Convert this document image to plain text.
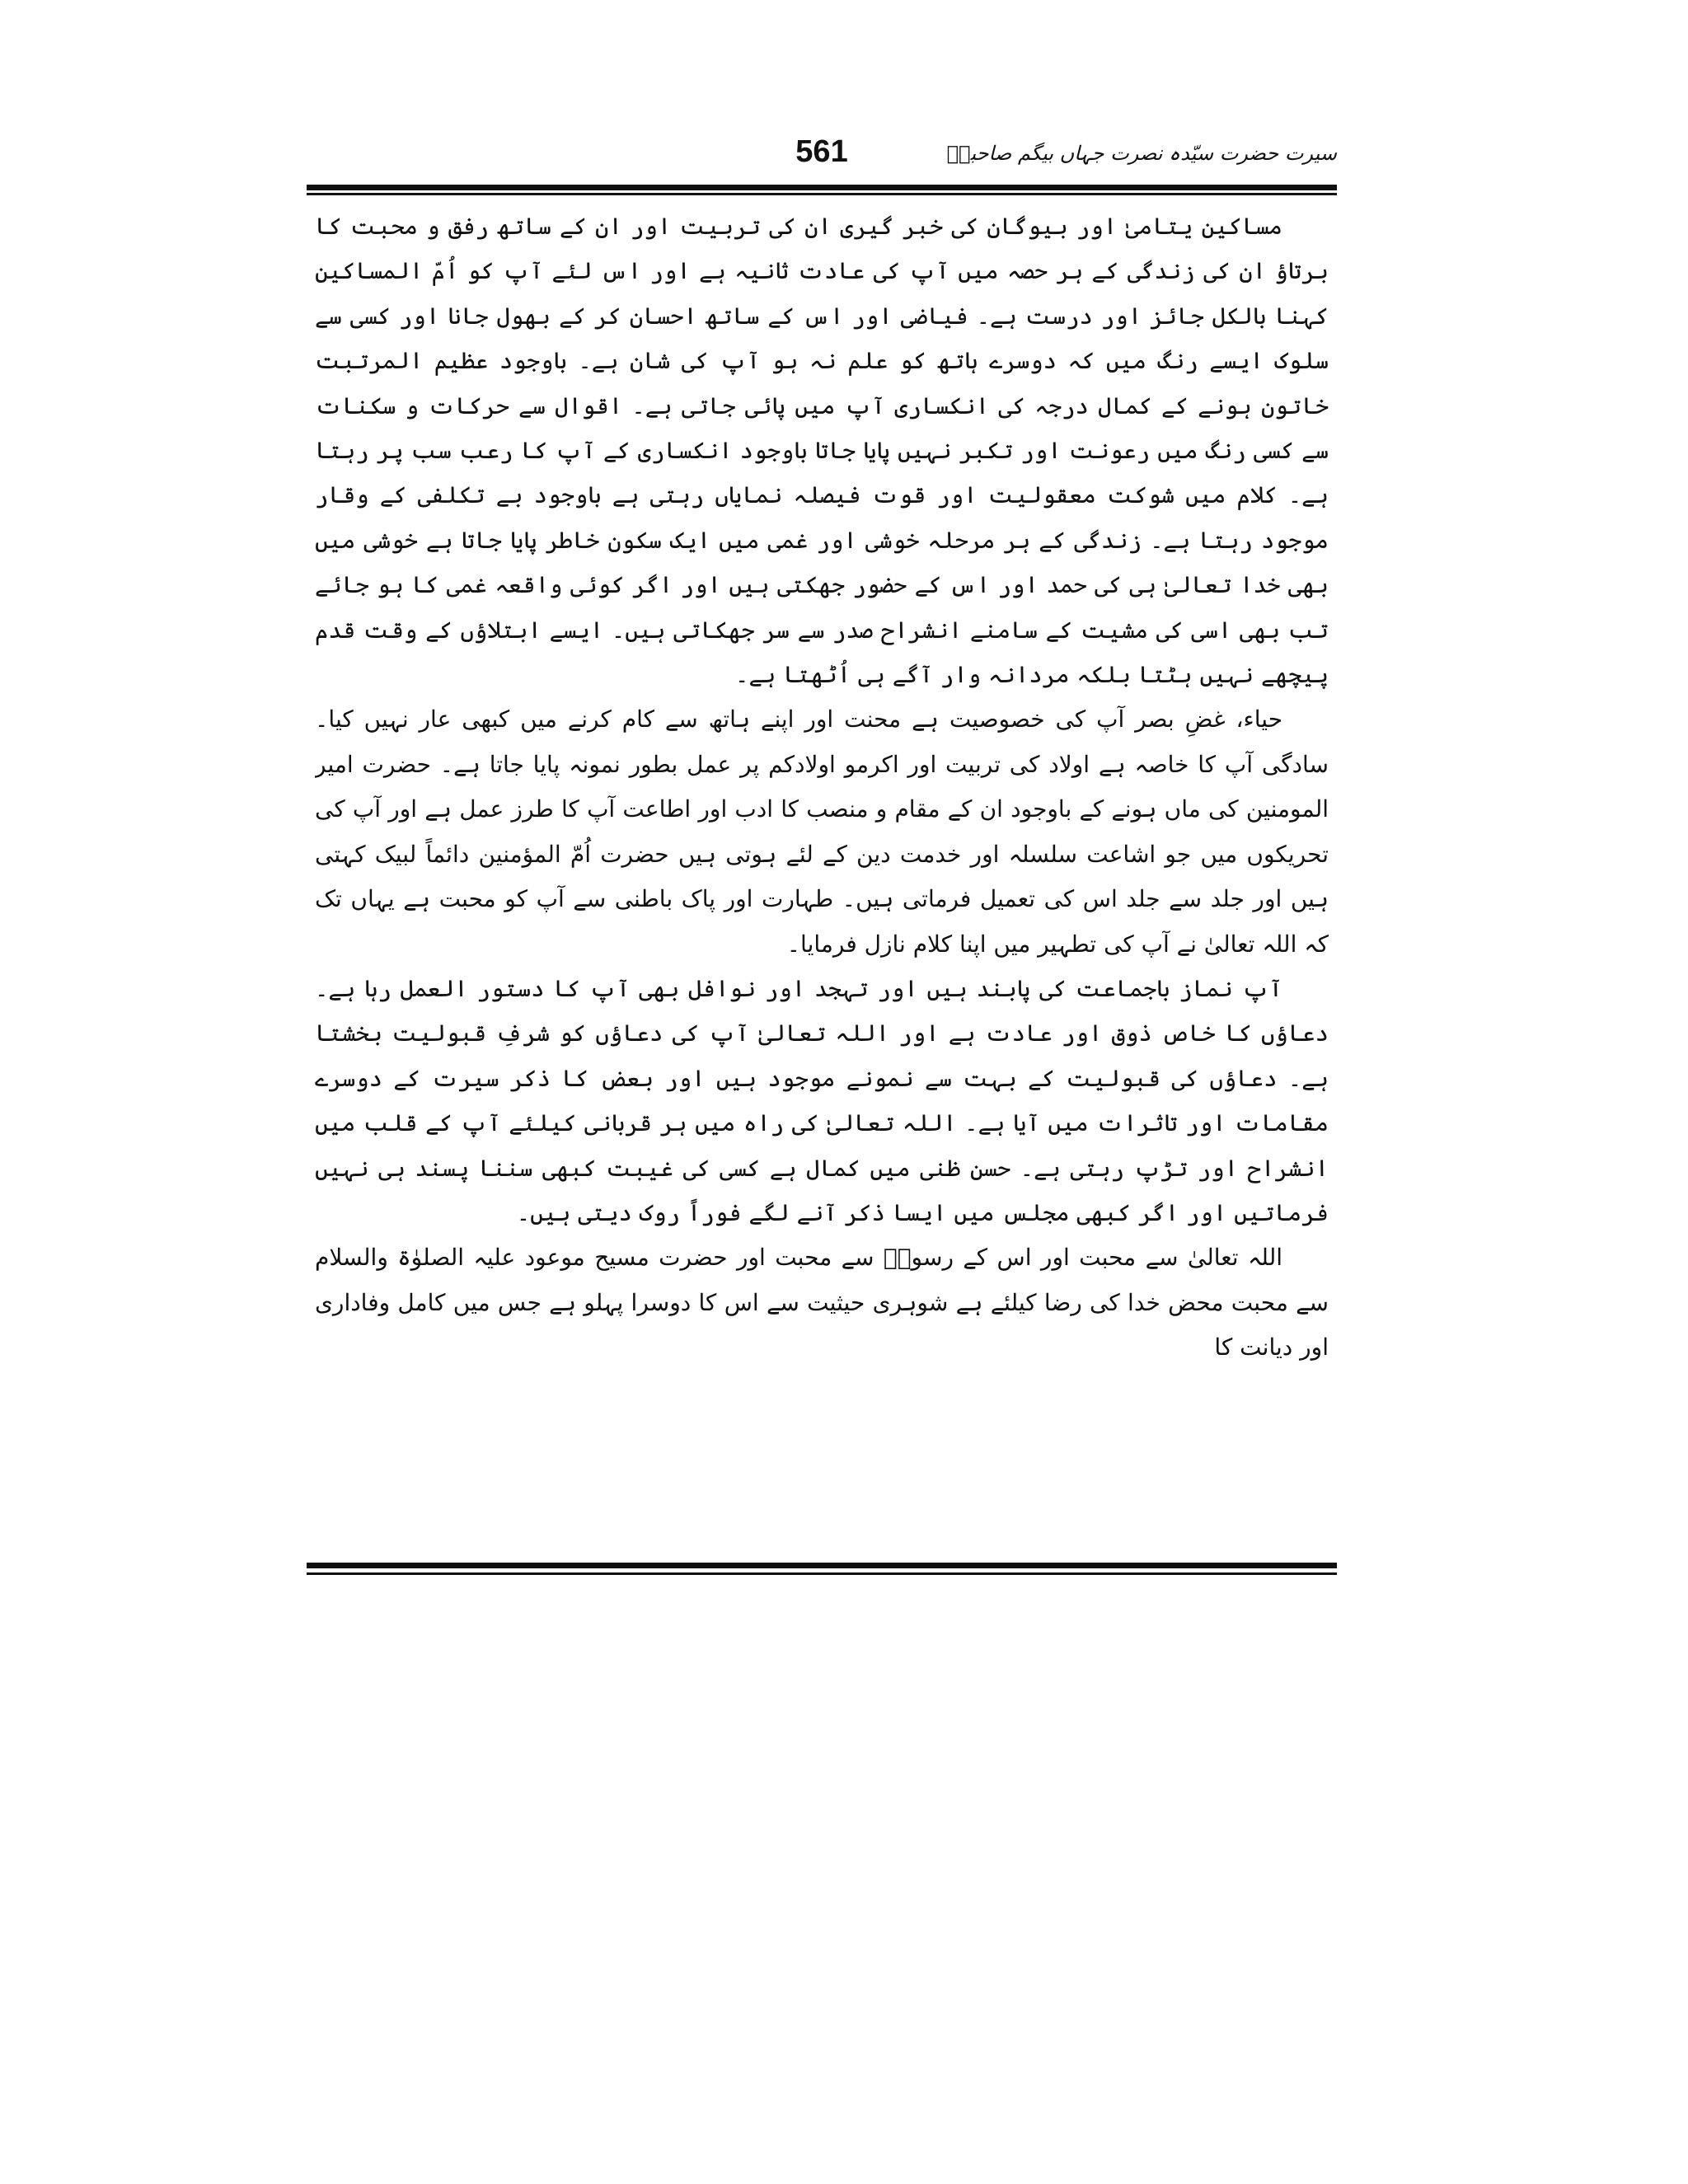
سیرت حضرت سیّدہ نصرت جہاں بیگم صاحبہؓ
561

مساکین یتامیٰ اور بیوگان کی خبر گیری ان کی تربیت اور ان کے ساتھ رفق و محبت کا برتاؤ ان کی زندگی کے ہر حصہ میں آپ کی عادت ثانیہ ہے اور اس لئے آپ کو اُمّ المساکین کہنا بالکل جائز اور درست ہے۔ فیاضی اور اس کے ساتھ احسان کر کے بھول جانا اور کسی سے سلوک ایسے رنگ میں کہ دوسرے ہاتھ کو علم نہ ہو آپ کی شان ہے۔ باوجود عظیم المرتبت خاتون ہونے کے کمال درجہ کی انکساری آپ میں پائی جاتی ہے۔ اقوال سے حرکات و سکنات سے کسی رنگ میں رعونت اور تکبر نہیں پایا جاتا باوجود انکساری کے آپ کا رعب سب پر رہتا ہے۔ کلام میں شوکت معقولیت اور قوت فیصلہ نمایاں رہتی ہے باوجود بے تکلفی کے وقار موجود رہتا ہے۔ زندگی کے ہر مرحلہ خوشی اور غمی میں ایک سکون خاطر پایا جاتا ہے خوشی میں بھی خدا تعالیٰ ہی کی حمد اور اس کے حضور جھکتی ہیں اور اگر کوئی واقعہ غمی کا ہو جائے تب بھی اسی کی مشیت کے سامنے انشراح صدر سے سر جھکاتی ہیں۔ ایسے ابتلاؤں کے وقت قدم پیچھے نہیں ہٹتا بلکہ مردانہ وار آگے ہی اُٹھتا ہے۔

حیاء، غضِ بصر آپ کی خصوصیت ہے محنت اور اپنے ہاتھ سے کام کرنے میں کبھی عار نہیں کیا۔ سادگی آپ کا خاصہ ہے اولاد کی تربیت اور اکرمو اولادکم پر عمل بطور نمونہ پایا جاتا ہے۔ حضرت امیر المومنین کی ماں ہونے کے باوجود ان کے مقام و منصب کا ادب اور اطاعت آپ کا طرز عمل ہے اور آپ کی تحریکوں میں جو اشاعت سلسلہ اور خدمت دین کے لئے ہوتی ہیں حضرت اُمّ المؤمنین دائماً لبیک کہتی ہیں اور جلد سے جلد اس کی تعمیل فرماتی ہیں۔ طہارت اور پاک باطنی سے آپ کو محبت ہے یہاں تک کہ اللہ تعالیٰ نے آپ کی تطہیر میں اپنا کلام نازل فرمایا۔

آپ نماز باجماعت کی پابند ہیں اور تہجد اور نوافل بھی آپ کا دستور العمل رہا ہے۔ دعاؤں کا خاص ذوق اور عادت ہے اور اللہ تعالیٰ آپ کی دعاؤں کو شرفِ قبولیت بخشتا ہے۔ دعاؤں کی قبولیت کے بہت سے نمونے موجود ہیں اور بعض کا ذکر سیرت کے دوسرے مقامات اور تاثرات میں آیا ہے۔ اللہ تعالیٰ کی راہ میں ہر قربانی کیلئے آپ کے قلب میں انشراح اور تڑپ رہتی ہے۔ حسن ظنی میں کمال ہے کسی کی غیبت کبھی سننا پسند ہی نہیں فرماتیں اور اگر کبھی مجلس میں ایسا ذکر آنے لگے فوراً روک دیتی ہیں۔

اللہ تعالیٰ سے محبت اور اس کے رسولؐ سے محبت اور حضرت مسیح موعود علیہ الصلوٰۃ والسلام سے محبت محض خدا کی رضا کیلئے ہے شوہری حیثیت سے اس کا دوسرا پہلو ہے جس میں کامل وفاداری اور دیانت کا
